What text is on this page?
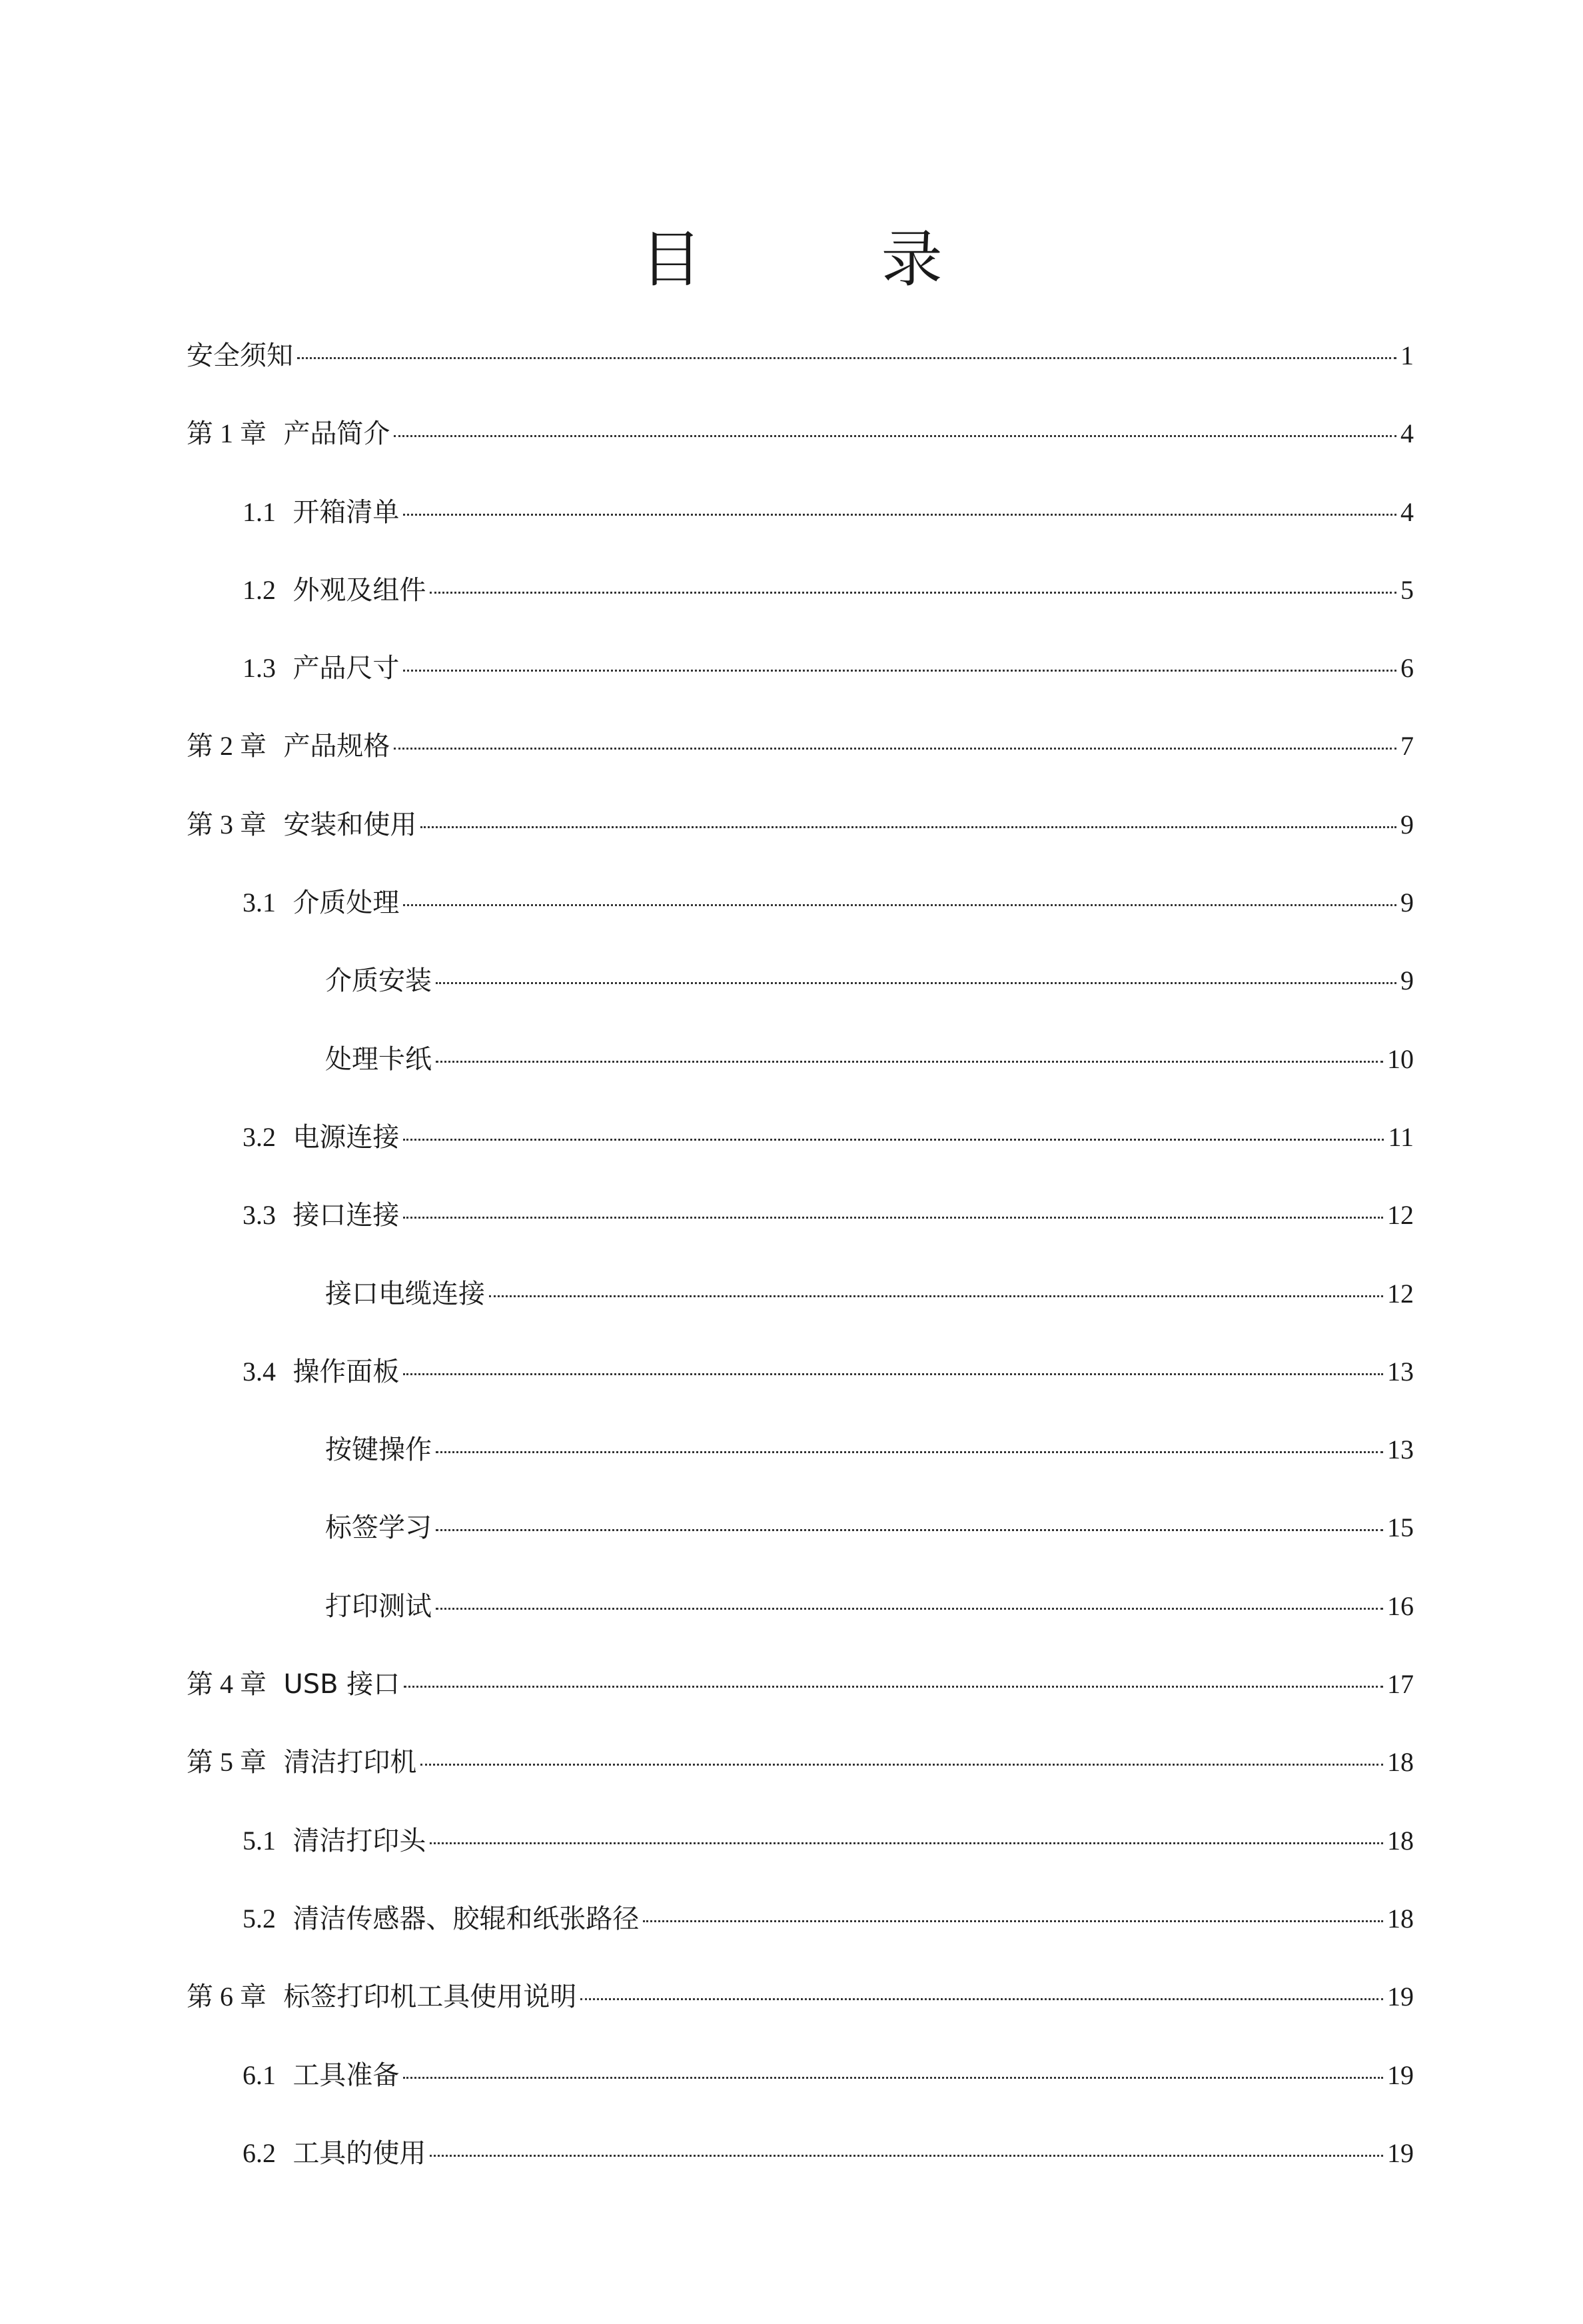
目 录
安全须知	1
第 1 章 产品简介	4
1.1 开箱清单	4
1.2 外观及组件	5
1.3 产品尺寸	6
第 2 章 产品规格	7
第 3 章 安装和使用	9
3.1 介质处理	9
介质安装	9
处理卡纸	10
3.2 电源连接	11
3.3 接口连接	12
接口电缆连接	12
3.4 操作面板	13
按键操作	13
标签学习	15
打印测试	16
第 4 章 USB 接口	17
第 5 章 清洁打印机	18
5.1 清洁打印头	18
5.2 清洁传感器、胶辊和纸张路径	18
第 6 章 标签打印机工具使用说明	19
6.1 工具准备	19
6.2 工具的使用	19
